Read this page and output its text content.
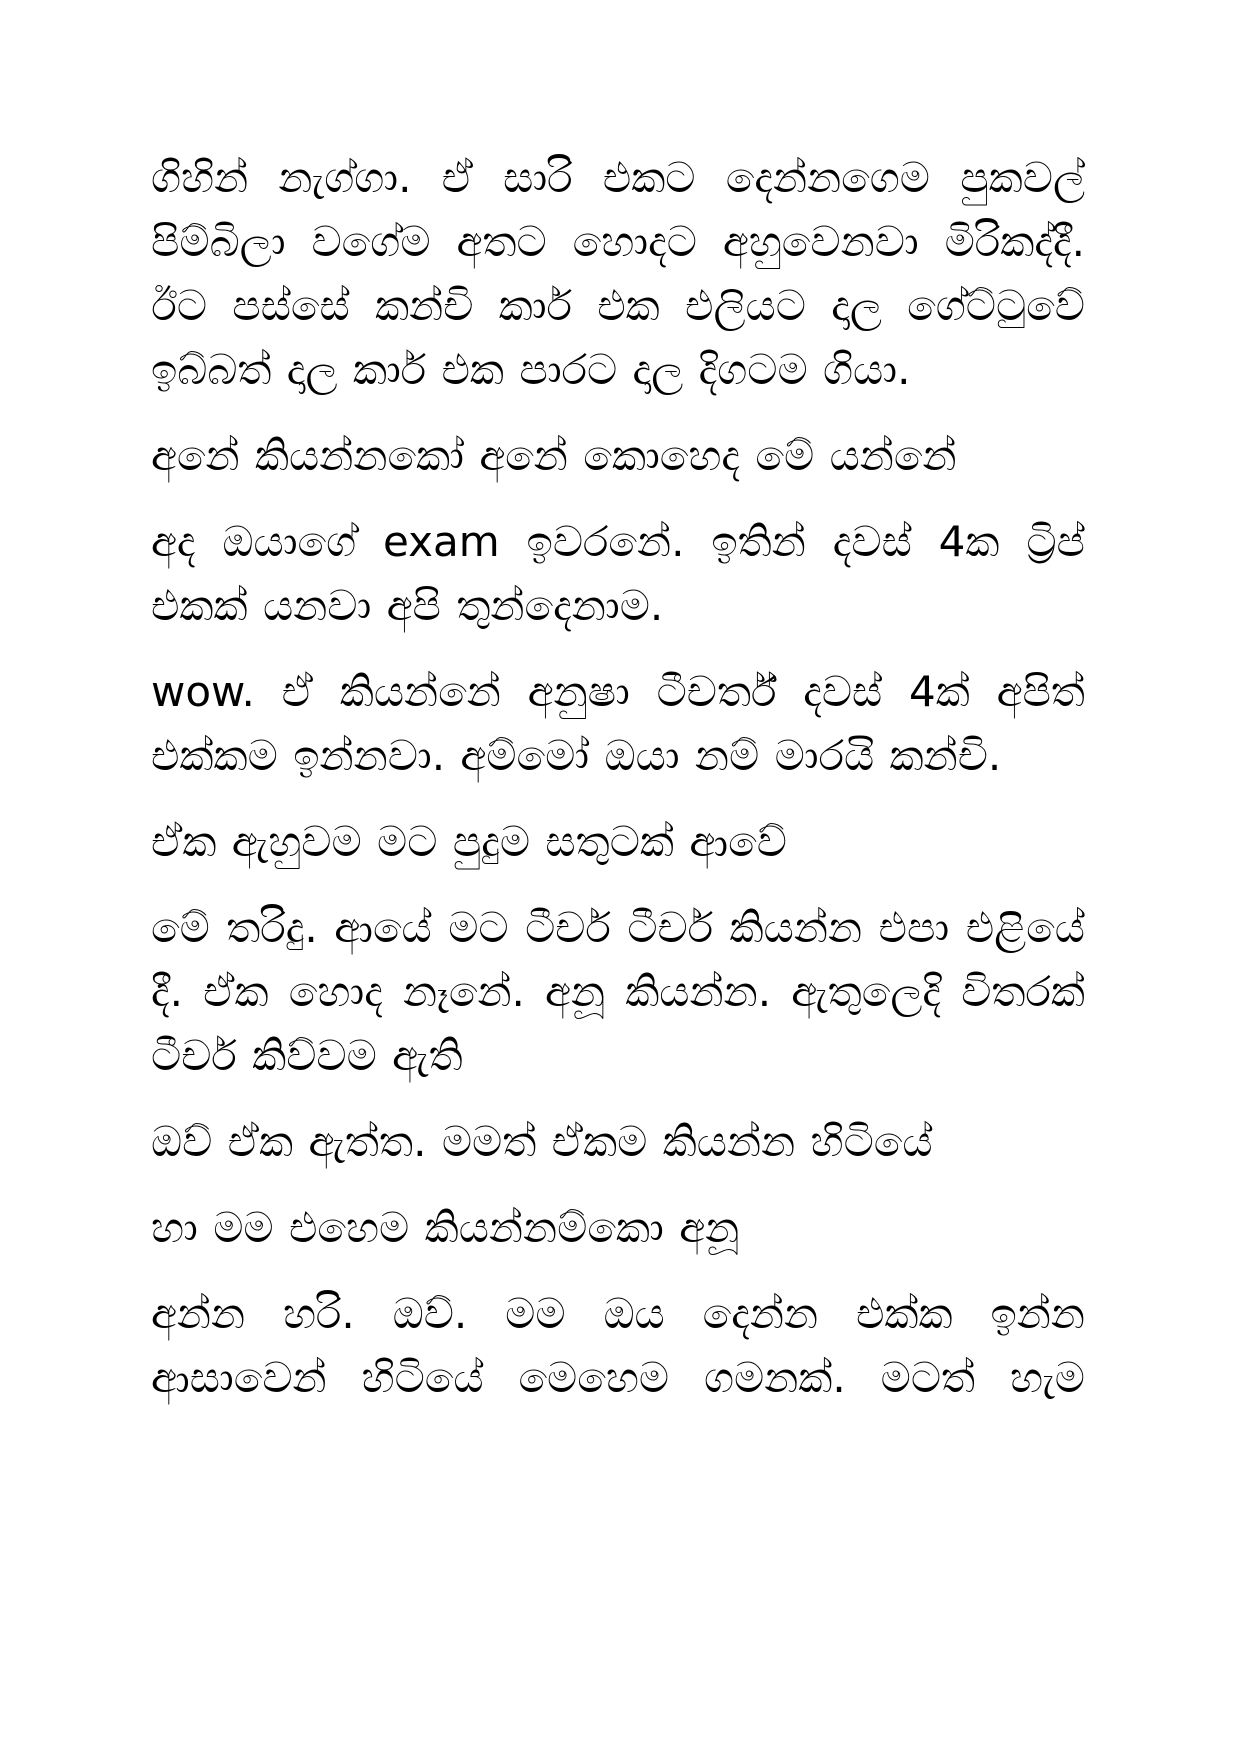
ගිහින් නැග්ගා. ඒ සාරි එකට දෙන්නගෙම පුකවල් පිම්බිලා වගේම අතට හොදට අහුවෙනවා මිරිකද්දී. ඊට පස්සේ කන්චි කාර් එක එලියට දාල ගේට්ටුවේ ඉබ්බත් දාල කාර් එක පාරට දාල දිගටම ගියා.

අනේ කියන්නකෝ අනේ කොහෙද මේ යන්නේ

අද ඔයාගේ exam ඉවරනේ. ඉතින් දවස් 4ක ට්‍රිප් එකක් යනවා අපි තුන්දෙනාම.

wow. ඒ කියන්නේ අනුෂා ටීචර්ත් දවස් 4ක් අපිත් එක්කම ඉන්නවා. අම්මෝ ඔයා නම් මාරයි කන්චි.

ඒක ඇහුවම මට පුදුම සතුටක් ආවේ

මේ තරිදු. ආයේ මට ටීචර් ටීචර් කියන්න එපා එළියේ දී. ඒක හොද නෑනේ. අනූ කියන්න. ඇතුලෙදි විතරක් ටීචර් කිව්වම ඇති

ඔව් ඒක ඇත්ත. මමත් ඒකම කියන්න හිටියේ

හා මම එහෙම කියන්නම්කො අනූ

අන්න හරි. ඔව්. මම ඔය දෙන්න එක්ක ඉන්න ආසාවෙන් හිටියේ මෙහෙම ගමනක්. මටත් හැම
